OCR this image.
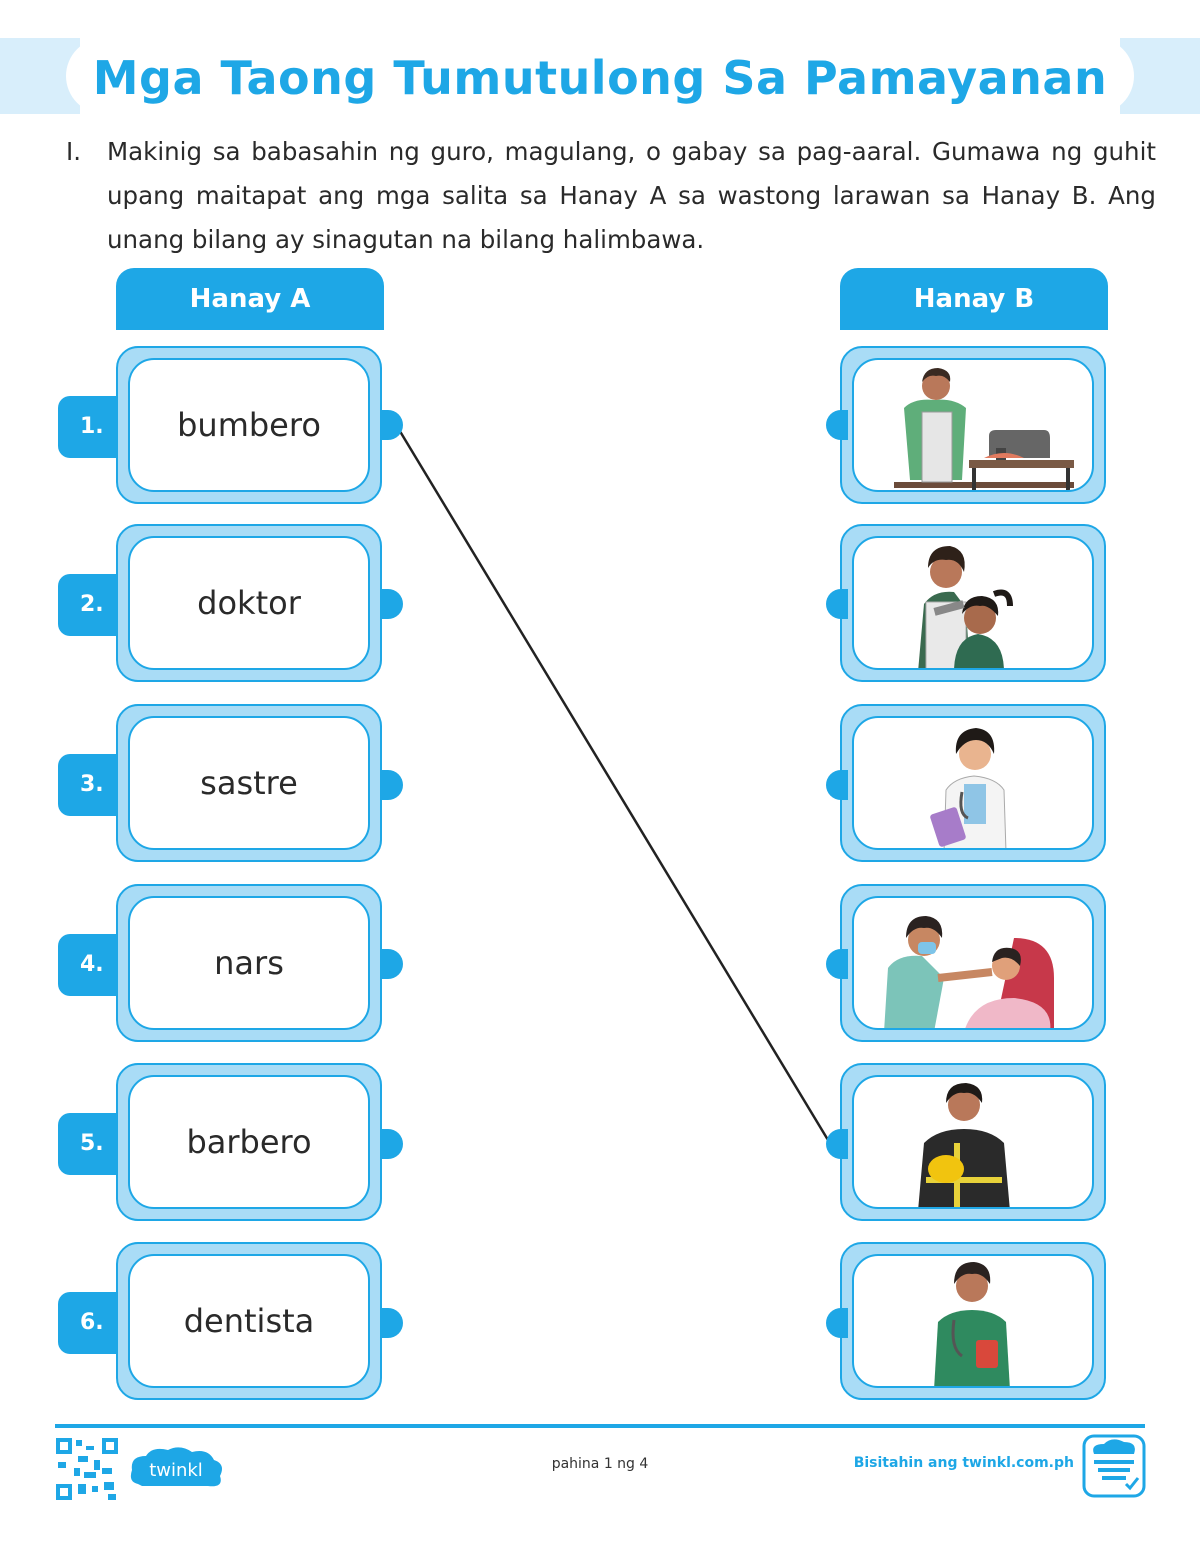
Mga Taong Tumutulong Sa Pamayanan
I.	Makinig sa babasahin ng guro, magulang, o gabay sa pag-aaral. Gumawa ng guhit upang maitapat ang mga salita sa Hanay A sa wastong larawan sa Hanay B. Ang unang bilang ay sinagutan na bilang halimbawa.
Hanay A	Hanay B
1.	bumbero
2.	doktor
3.	sastre
4.	nars
5.	barbero
6.	dentista
twinkl	pahina 1 ng 4	Bisitahin ang twinkl.com.ph
